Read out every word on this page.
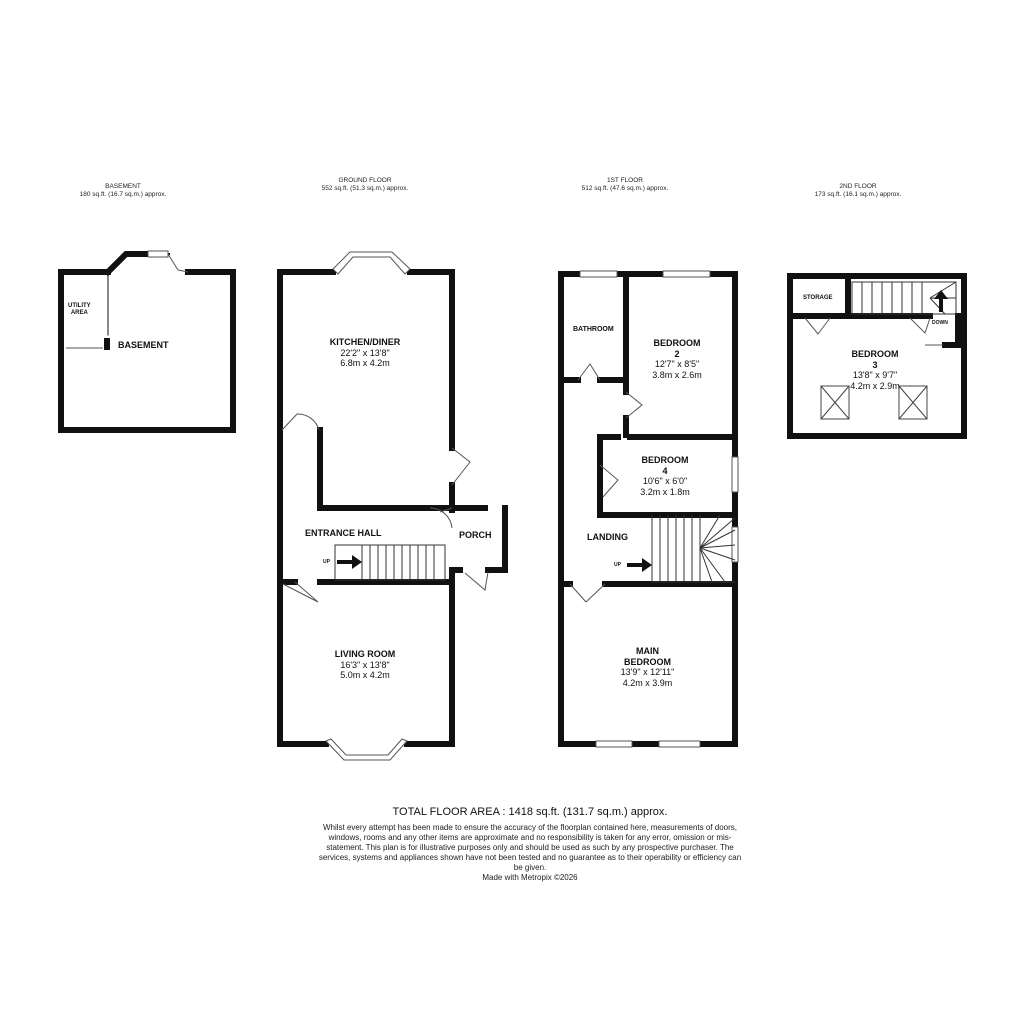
BASEMENT
180 sq.ft. (16.7 sq.m.) approx.
GROUND FLOOR
552 sq.ft. (51.3 sq.m.) approx.
1ST FLOOR
512 sq.ft. (47.6 sq.m.) approx.	2ND FLOOR
173 sq.ft. (16.1 sq.m.) approx.
UTILITY
AREA
BASEMENT	KITCHEN/DINER
22'2" x 13'8"
6.8m x 4.2m
ENTRANCE HALL	PORCH
LIVING ROOM
16'3" x 13'8"
5.0m x 4.2m
BATHROOM
BEDROOM
2
12'7" x 8'5"
3.8m x 2.6m
BEDROOM
4
10'6" x 6'0"
3.2m x 1.8m
LANDING
MAIN
BEDROOM
13'9" x 12'11"
4.2m x 3.9m
STORAGE
BEDROOM
3
13'8" x 9'7"
4.2m x 2.9m
UP	UP
DOWN
TOTAL FLOOR AREA : 1418 sq.ft. (131.7 sq.m.) approx.
Whilst every attempt has been made to ensure the accuracy of the floorplan contained here, measurements of doors, windows, rooms and any other items are approximate and no responsibility is taken for any error, omission or mis-statement. This plan is for illustrative purposes only and should be used as such by any prospective purchaser. The services, systems and appliances shown have not been tested and no guarantee as to their operability or efficiency can be given.
Made with Metropix ©2026
